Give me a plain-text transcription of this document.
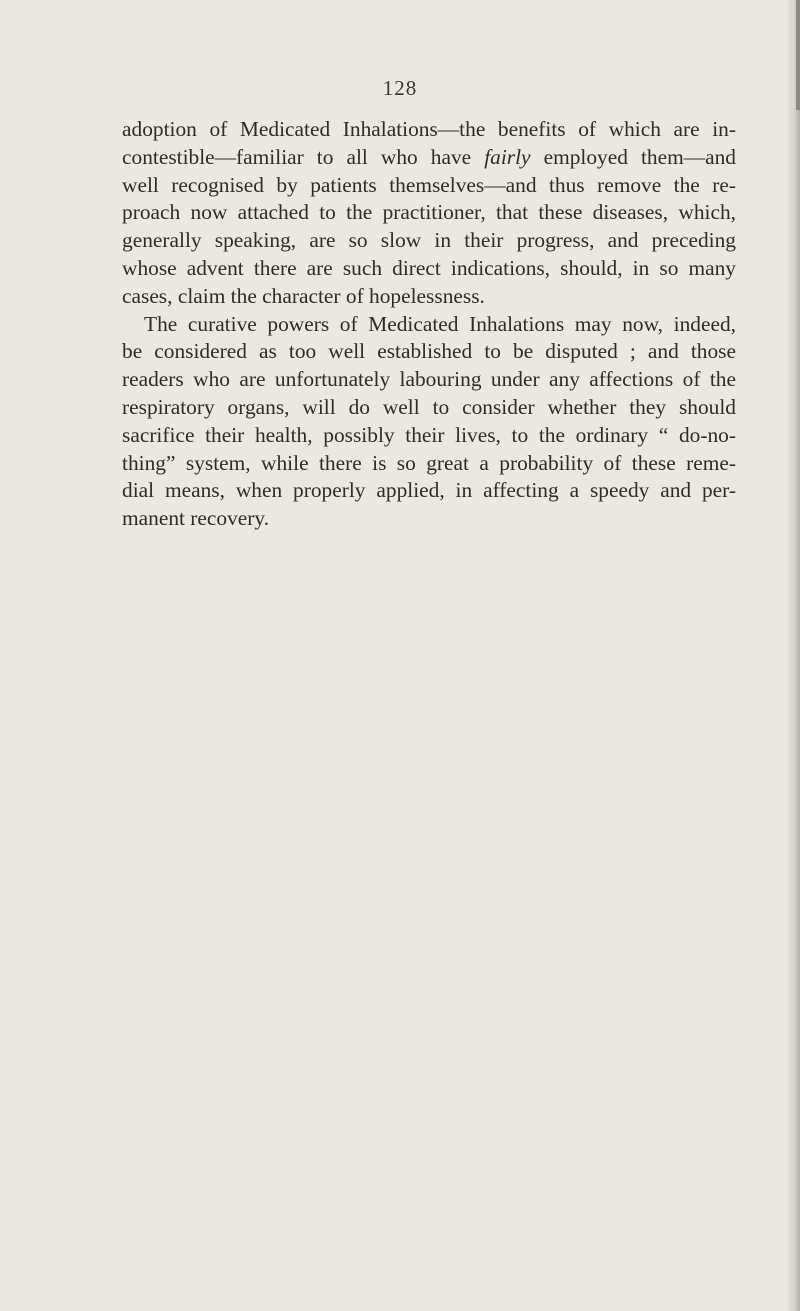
128
adoption of Medicated Inhalations—the benefits of which are in-
contestible—familiar to all who have fairly employed them—and
well recognised by patients themselves—and thus remove the re-
proach now attached to the practitioner, that these diseases, which,
generally speaking, are so slow in their progress, and preceding
whose advent there are such direct indications, should, in so many
cases, claim the character of hopelessness.
The curative powers of Medicated Inhalations may now, indeed,
be considered as too well established to be disputed ; and those
readers who are unfortunately labouring under any affections of the
respiratory organs, will do well to consider whether they should
sacrifice their health, possibly their lives, to the ordinary “ do-no-
thing” system, while there is so great a probability of these reme-
dial means, when properly applied, in affecting a speedy and per-
manent recovery.
